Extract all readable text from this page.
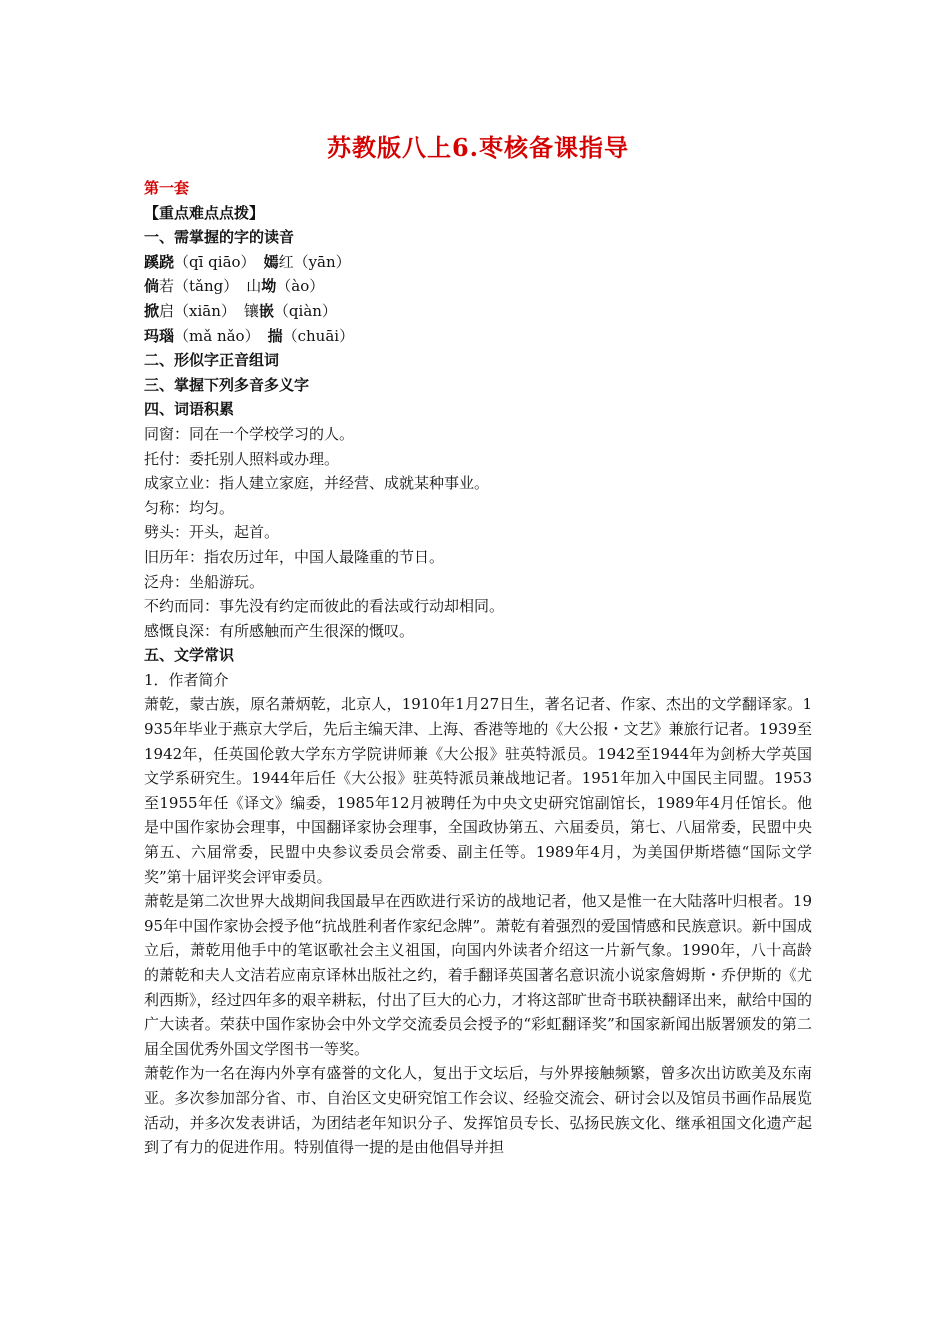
苏教版八上6.枣核备课指导

第一套

【重点难点点拨】

一、需掌握的字的读音

蹊跷（qī qiāo） 嫣红（yān）

倘若（tǎng） 山坳（ào）

掀启（xiān） 镶嵌（qiàn）

玛瑙（mǎ nǎo） 揣（chuāi）

二、形似字正音组词

三、掌握下列多音多义字

四、词语积累

同窗：同在一个学校学习的人。

托付：委托别人照料或办理。

成家立业：指人建立家庭，并经营、成就某种事业。

匀称：均匀。

劈头：开头，起首。

旧历年：指农历过年，中国人最隆重的节日。

泛舟：坐船游玩。

不约而同：事先没有约定而彼此的看法或行动却相同。

感慨良深：有所感触而产生很深的慨叹。

五、文学常识

1．作者简介

萧乾，蒙古族，原名萧炳乾，北京人，1910年1月27日生，著名记者、作家、杰出的文学翻译家。1935年毕业于燕京大学后，先后主编天津、上海、香港等地的《大公报・文艺》兼旅行记者。1939至1942年，任英国伦敦大学东方学院讲师兼《大公报》驻英特派员。1942至1944年为剑桥大学英国文学系研究生。1944年后任《大公报》驻英特派员兼战地记者。1951年加入中国民主同盟。1953至1955年任《译文》编委，1985年12月被聘任为中央文史研究馆副馆长，1989年4月任馆长。他是中国作家协会理事，中国翻译家协会理事，全国政协第五、六届委员，第七、八届常委，民盟中央第五、六届常委，民盟中央参议委员会常委、副主任等。1989年4月，为美国伊斯塔德“国际文学奖”第十届评奖会评审委员。

萧乾是第二次世界大战期间我国最早在西欧进行采访的战地记者，他又是惟一在大陆落叶归根者。1995年中国作家协会授予他“抗战胜利者作家纪念牌”。萧乾有着强烈的爱国情感和民族意识。新中国成立后，萧乾用他手中的笔讴歌社会主义祖国，向国内外读者介绍这一片新气象。1990年，八十高龄的萧乾和夫人文洁若应南京译林出版社之约，着手翻译英国著名意识流小说家詹姆斯・乔伊斯的《尤利西斯》，经过四年多的艰辛耕耘，付出了巨大的心力，才将这部旷世奇书联袂翻译出来，献给中国的广大读者。荣获中国作家协会中外文学交流委员会授予的“彩虹翻译奖”和国家新闻出版署颁发的第二届全国优秀外国文学图书一等奖。

萧乾作为一名在海内外享有盛誉的文化人，复出于文坛后，与外界接触频繁，曾多次出访欧美及东南亚。多次参加部分省、市、自治区文史研究馆工作会议、经验交流会、研讨会以及馆员书画作品展览活动，并多次发表讲话，为团结老年知识分子、发挥馆员专长、弘扬民族文化、继承祖国文化遗产起到了有力的促进作用。特别值得一提的是由他倡导并担
